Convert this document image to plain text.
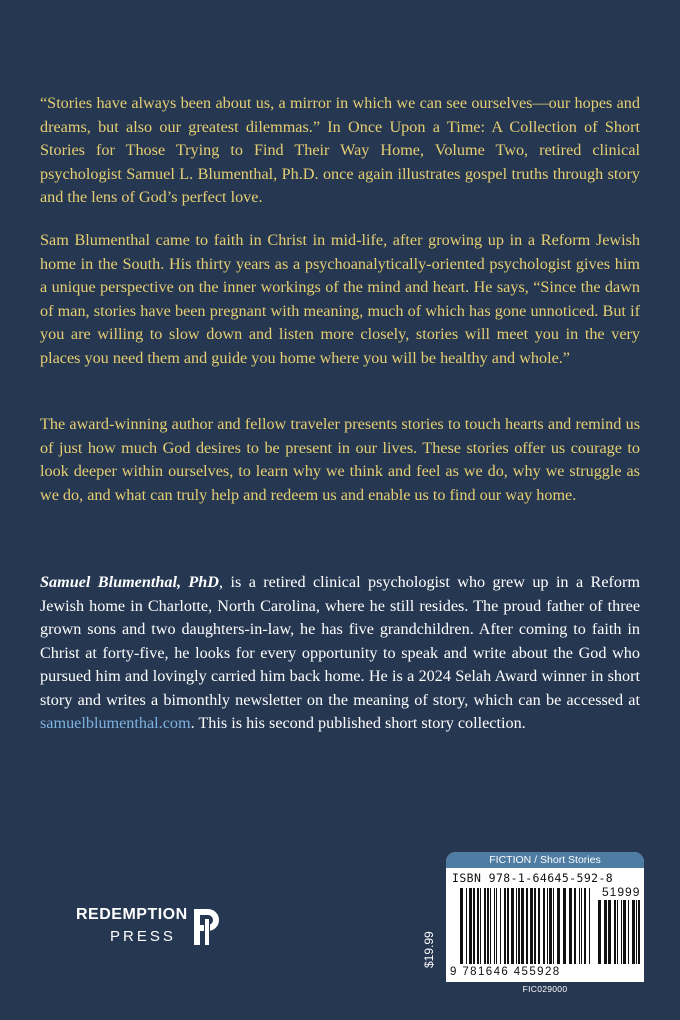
“Stories have always been about us, a mirror in which we can see ourselves—our hopes and dreams, but also our greatest dilemmas.” In Once Upon a Time: A Collection of Short Stories for Those Trying to Find Their Way Home, Volume Two, retired clinical psychologist Samuel L. Blumenthal, Ph.D. once again illustrates gospel truths through story and the lens of God’s perfect love.

Sam Blumenthal came to faith in Christ in mid-life, after growing up in a Reform Jewish home in the South. His thirty years as a psychoanalytically-oriented psychologist gives him a unique perspective on the inner workings of the mind and heart. He says, “Since the dawn of man, stories have been pregnant with meaning, much of which has gone unnoticed. But if you are willing to slow down and listen more closely, stories will meet you in the very places you need them and guide you home where you will be healthy and whole.”

The award-winning author and fellow traveler presents stories to touch hearts and remind us of just how much God desires to be present in our lives. These stories offer us courage to look deeper within ourselves, to learn why we think and feel as we do, why we struggle as we do, and what can truly help and redeem us and enable us to find our way home.

Samuel Blumenthal, PhD, is a retired clinical psychologist who grew up in a Reform Jewish home in Charlotte, North Carolina, where he still resides. The proud father of three grown sons and two daughters-in-law, he has five grandchildren. After coming to faith in Christ at forty-five, he looks for every opportunity to speak and write about the God who pursued him and lovingly carried him back home. He is a 2024 Selah Award winner in short story and writes a bimonthly newsletter on the meaning of story, which can be accessed at samuelblumenthal.com. This is his second published short story collection.

REDEMPTION
PRESS	$19.99
FICTION / Short Stories
ISBN 978-1-64645-592-8
51999
9 781646 455928
FIC029000
